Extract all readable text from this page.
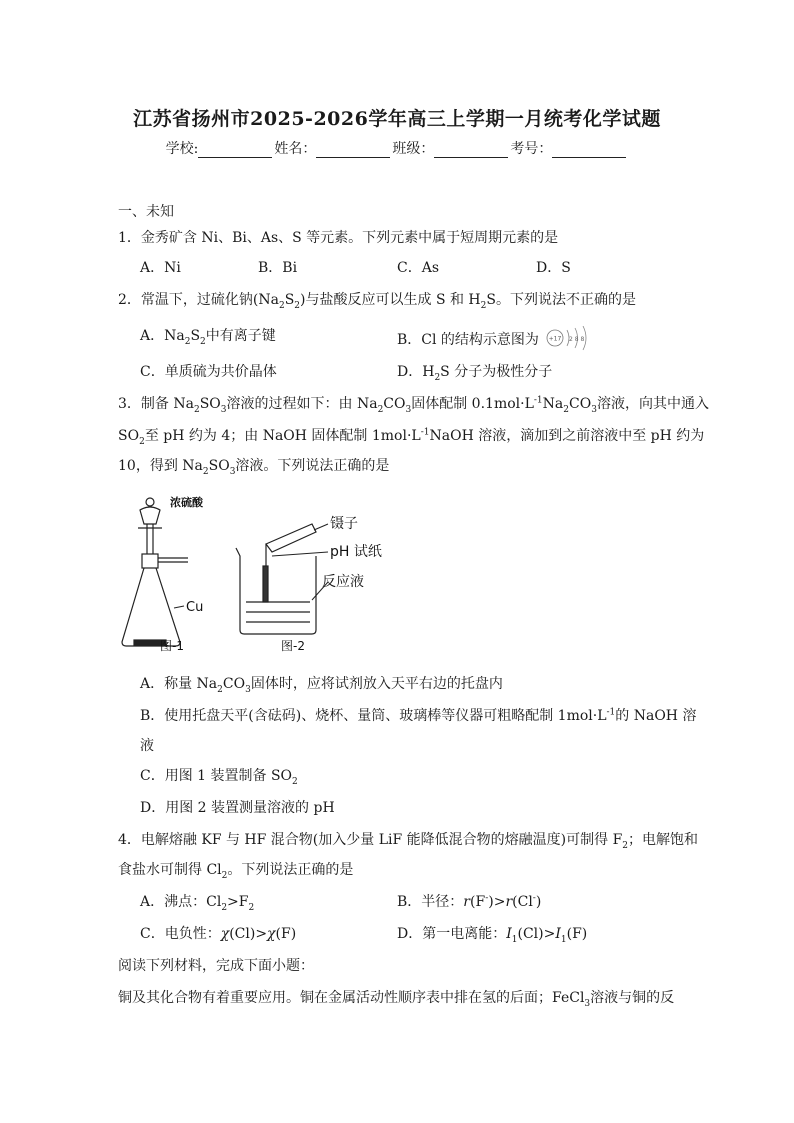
江苏省扬州市2025-2026学年高三上学期一月统考化学试题
学校:	姓名：	班级：	考号：
一、未知
1．金秀矿含 Ni、Bi、As、S 等元素。下列元素中属于短周期元素的是
A．Ni	B．Bi	C．As	D．S
2．常温下，过硫化钠$(Na_2S_2)$与盐酸反应可以生成 S 和 $H_2S$。下列说法不正确的是
A．$Na_2S_2$中有离子键	B．Cl 的结构示意图为 +17 2 8 8
C．单质硫为共价晶体	D．$H_2S$ 分子为极性分子
3．制备 $Na_2SO_3$溶液的过程如下：由 $Na_2CO_3$固体配制 $0.1mol\cdot L^{-1}Na_2CO_3$溶液，向其中通入
$SO_2$至 pH 约为 4；由 NaOH 固体配制 $1mol\cdot L^{-1}NaOH$ 溶液，滴加到之前溶液中至 pH 约为
10，得到 $Na_2SO_3$溶液。下列说法正确的是
浓硫酸
Cu
图-1
镊子
pH 试纸
反应液
图-2
A．称量 $Na_2CO_3$固体时，应将试剂放入天平右边的托盘内
B．使用托盘天平(含砝码)、烧杯、量筒、玻璃棒等仪器可粗略配制 $1mol\cdot L^{-1}$的 NaOH 溶
液
C．用图 1 装置制备 $SO_2$
D．用图 2 装置测量溶液的 pH
4．电解熔融 KF 与 HF 混合物(加入少量 LiF 能降低混合物的熔融温度)可制得 $F_2$；电解饱和
食盐水可制得 $Cl_2$。下列说法正确的是
A．沸点：$Cl_2>F_2$	B．半径：r(F-)>r(Cl-)
C．电负性：χ(Cl)>χ(F)	D．第一电离能：$I_1(Cl)>I_1(F)$
阅读下列材料，完成下面小题：
铜及其化合物有着重要应用。铜在金属活动性顺序表中排在氢的后面；FeCl$_3$溶液与铜的反
